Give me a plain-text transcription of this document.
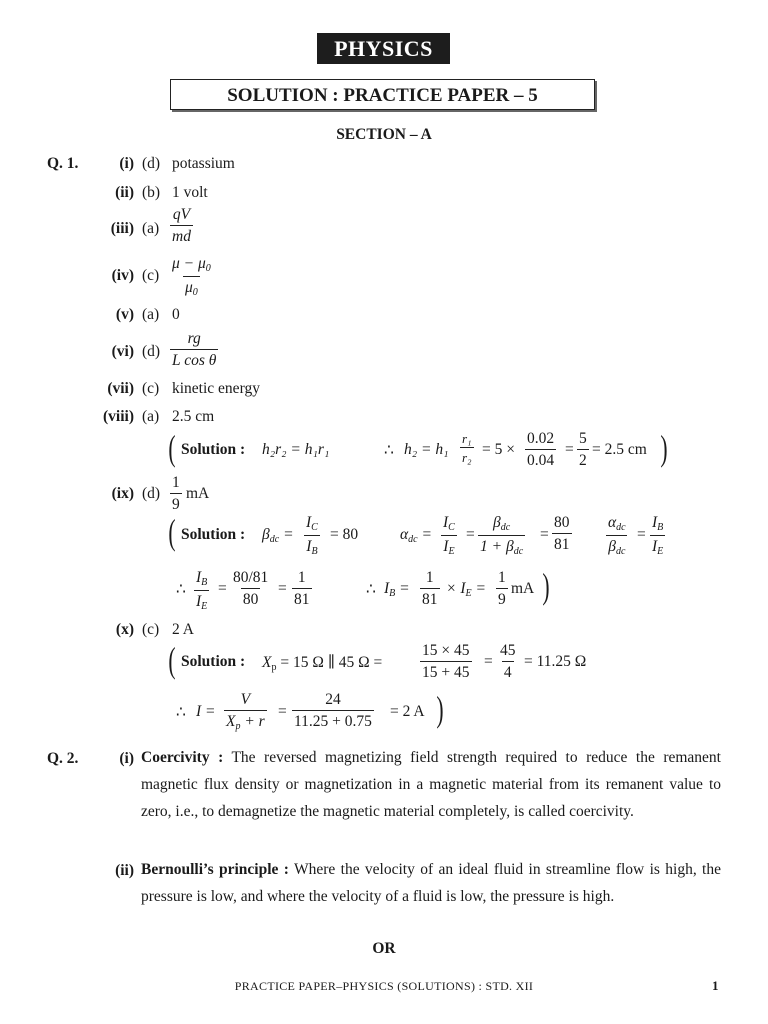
PHYSICS
SOLUTION : PRACTICE PAPER – 5
SECTION – A
Q. 1.	(i) (d) potassium
(ii) (b) 1 volt
(iii) (a)
qV
md
(iv) (c)
$\mu - \mu_0$
$\mu_0$
(v) (a) 0
(vi) (d)
rg
L cos θ
(vii) (c) kinetic energy
(viii) (a) 2.5 cm
( Solution : h₂r₂ = h₁r₁	∴ h₂ = h₁
r₁
r₂ = 5 ×
0.02
0.04
=
5
2
= 2.5 cm )
(ix) (d)
1
9
mA
( Solution : $\beta_{dc}$ =
$I_C$
$I_B$
= 80	$\alpha_{dc}$ =
$I_C$
$I_E$
=
$\beta_{dc}$
$1 + \beta_{dc}$
=
80
81
$\alpha_{dc}$
$\beta_{dc}$
=
$I_B$
$I_E$
∴
$I_B$
$I_E$
=
80/81
80
=
1
81
∴ $I_B$ =
1
81
× $I_E$ =
1
9
mA )
(x) (c) 2 A
( Solution : $X_p = 15$ Ω ∥ 45 Ω =
15 × 45
15 + 45
=
45
4
= 11.25 Ω
∴ I =
V
$X_p + r$
=
24
11.25 + 0.75
= 2 A )
Q. 2.	(i) Coercivity : The reversed magnetizing field strength required to reduce the remanent magnetic flux density or magnetization in a magnetic material from its remanent value to zero, i.e., to demagnetize the magnetic material completely, is called coercivity.
(ii) Bernoulli’s principle : Where the velocity of an ideal fluid in streamline flow is high, the pressure is low, and where the velocity of a fluid is low, the pressure is high.
OR
PRACTICE PAPER–PHYSICS (SOLUTIONS) : STD. XII	1
